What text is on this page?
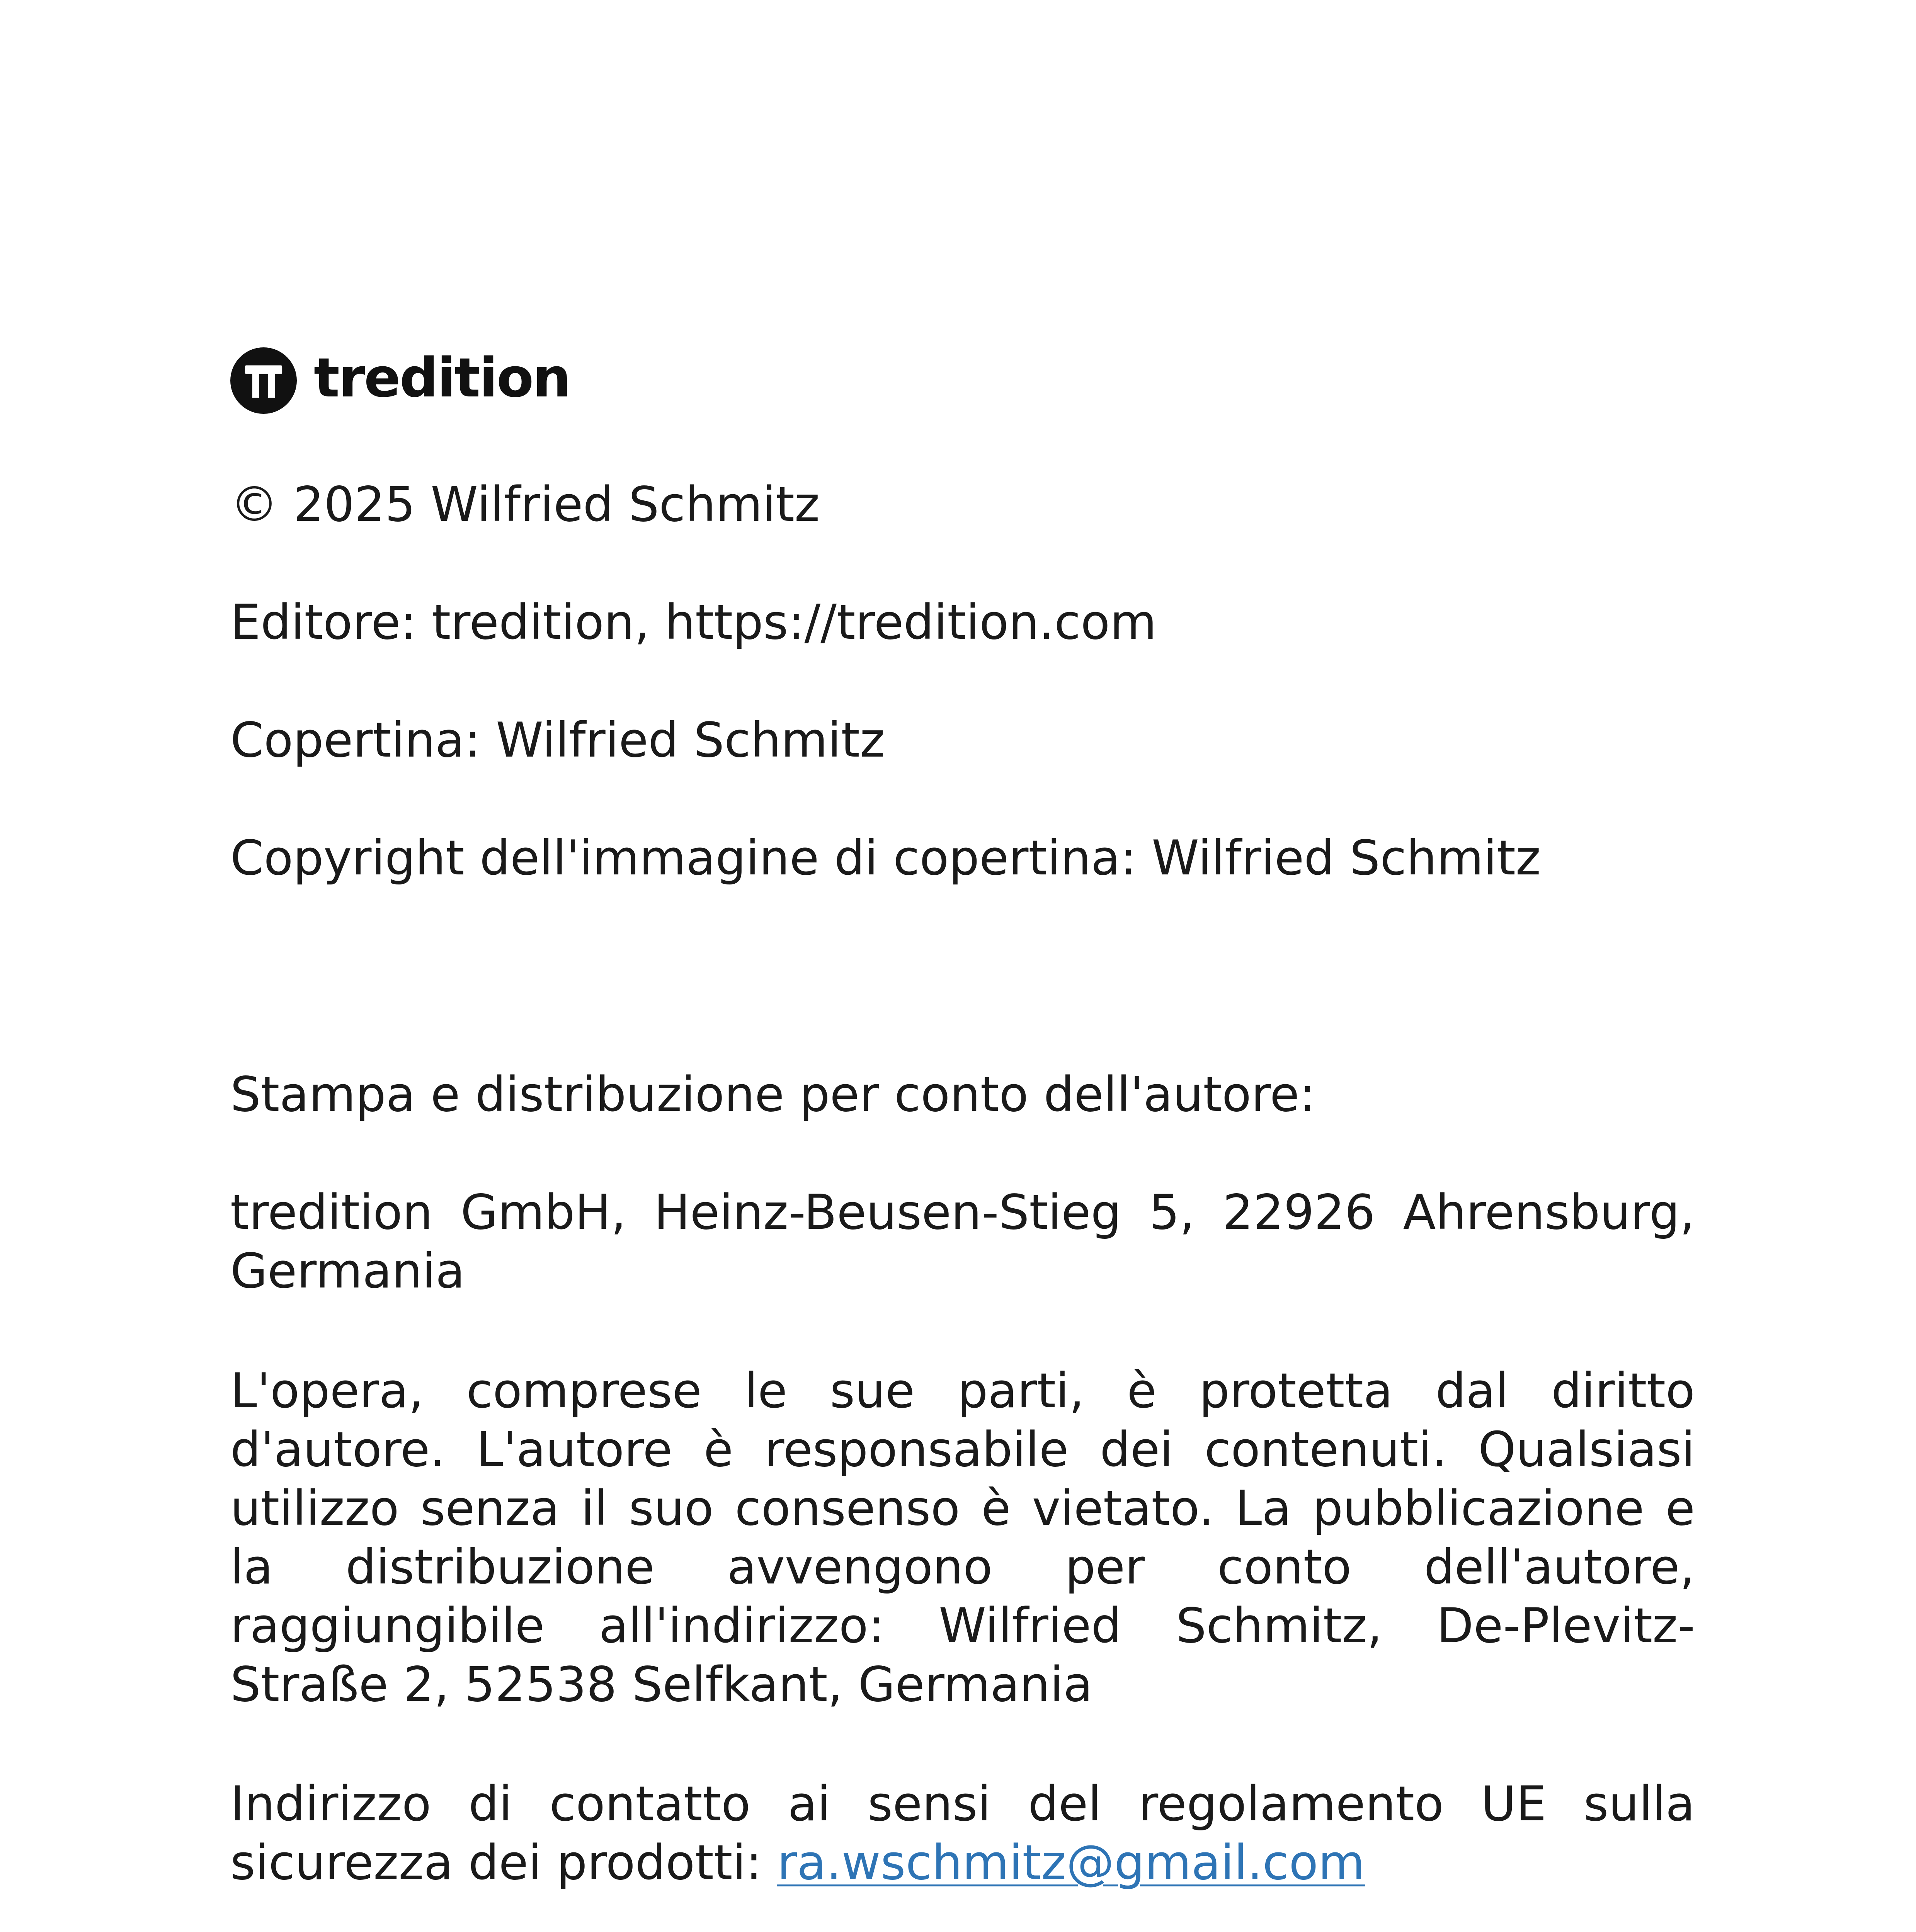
tredition

© 2025 Wilfried Schmitz

Editore: tredition, https://tredition.com

Copertina: Wilfried Schmitz

Copyright dell'immagine di copertina: Wilfried Schmitz

Stampa e distribuzione per conto dell'autore:

tredition GmbH, Heinz-Beusen-Stieg 5, 22926 Ahrensburg, Germania

L'opera, comprese le sue parti, è protetta dal diritto d'autore. L'autore è responsabile dei contenuti. Qualsiasi utilizzo senza il suo consenso è vietato. La pubblicazione e la distribuzione avvengono per conto dell'autore, raggiungibile all'indirizzo: Wilfried Schmitz, De-Plevitz-Straße 2, 52538 Selfkant, Germania

Indirizzo di contatto ai sensi del regolamento UE sulla sicurezza dei prodotti: ra.wschmitz@gmail.com
